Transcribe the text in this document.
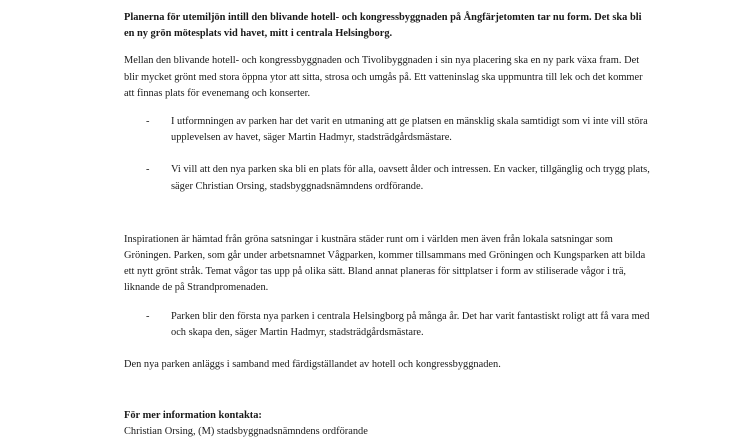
Planerna för utemiljön intill den blivande hotell- och kongressbyggnaden på Ångfärjetomten tar nu form. Det ska bli en ny grön mötesplats vid havet, mitt i centrala Helsingborg.

Mellan den blivande hotell- och kongressbyggnaden och Tivolibyggnaden i sin nya placering ska en ny park växa fram. Det blir mycket grönt med stora öppna ytor att sitta, strosa och umgås på. Ett vatteninslag ska uppmuntra till lek och det kommer att finnas plats för evenemang och konserter.

- I utformningen av parken har det varit en utmaning att ge platsen en mänsklig skala samtidigt som vi inte vill störa upplevelsen av havet, säger Martin Hadmyr, stadsträdgårdsmästare.

- Vi vill att den nya parken ska bli en plats för alla, oavsett ålder och intressen. En vacker, tillgänglig och trygg plats, säger Christian Orsing, stadsbyggnadsnämndens ordförande.

Inspirationen är hämtad från gröna satsningar i kustnära städer runt om i världen men även från lokala satsningar som Gröningen. Parken, som går under arbetsnamnet Vågparken, kommer tillsammans med Gröningen och Kungsparken att bilda ett nytt grönt stråk. Temat vågor tas upp på olika sätt. Bland annat planeras för sittplatser i form av stiliserade vågor i trä, liknande de på Strandpromenaden.

- Parken blir den första nya parken i centrala Helsingborg på många år. Det har varit fantastiskt roligt att få vara med och skapa den, säger Martin Hadmyr, stadsträdgårdsmästare.

Den nya parken anläggs i samband med färdigställandet av hotell och kongressbyggnaden.

För mer information kontakta:

Christian Orsing, (M) stadsbyggnadsnämndens ordförande
